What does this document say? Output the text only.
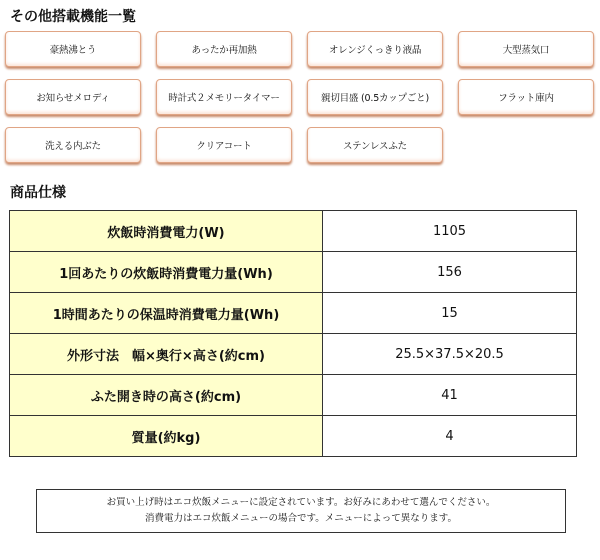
その他搭載機能一覧
豪熱沸とう	あったか再加熱	オレンジくっきり液晶	大型蒸気口
お知らせメロディ	時計式２メモリータイマー	親切目盛 (0.5カップごと)	フラット庫内
洗える内ぶた	クリアコート	ステンレスふた
商品仕様
炊飯時消費電力(W)	1105
1回あたりの炊飯時消費電力量(Wh)	156
1時間あたりの保温時消費電力量(Wh)	15
外形寸法　幅×奥行×高さ(約cm)	25.5×37.5×20.5
ふた開き時の高さ(約cm)	41
質量(約kg)	4

お買い上げ時はエコ炊飯メニューに設定されています。お好みにあわせて選んでください。

消費電力はエコ炊飯メニューの場合です。メニューによって異なります。
